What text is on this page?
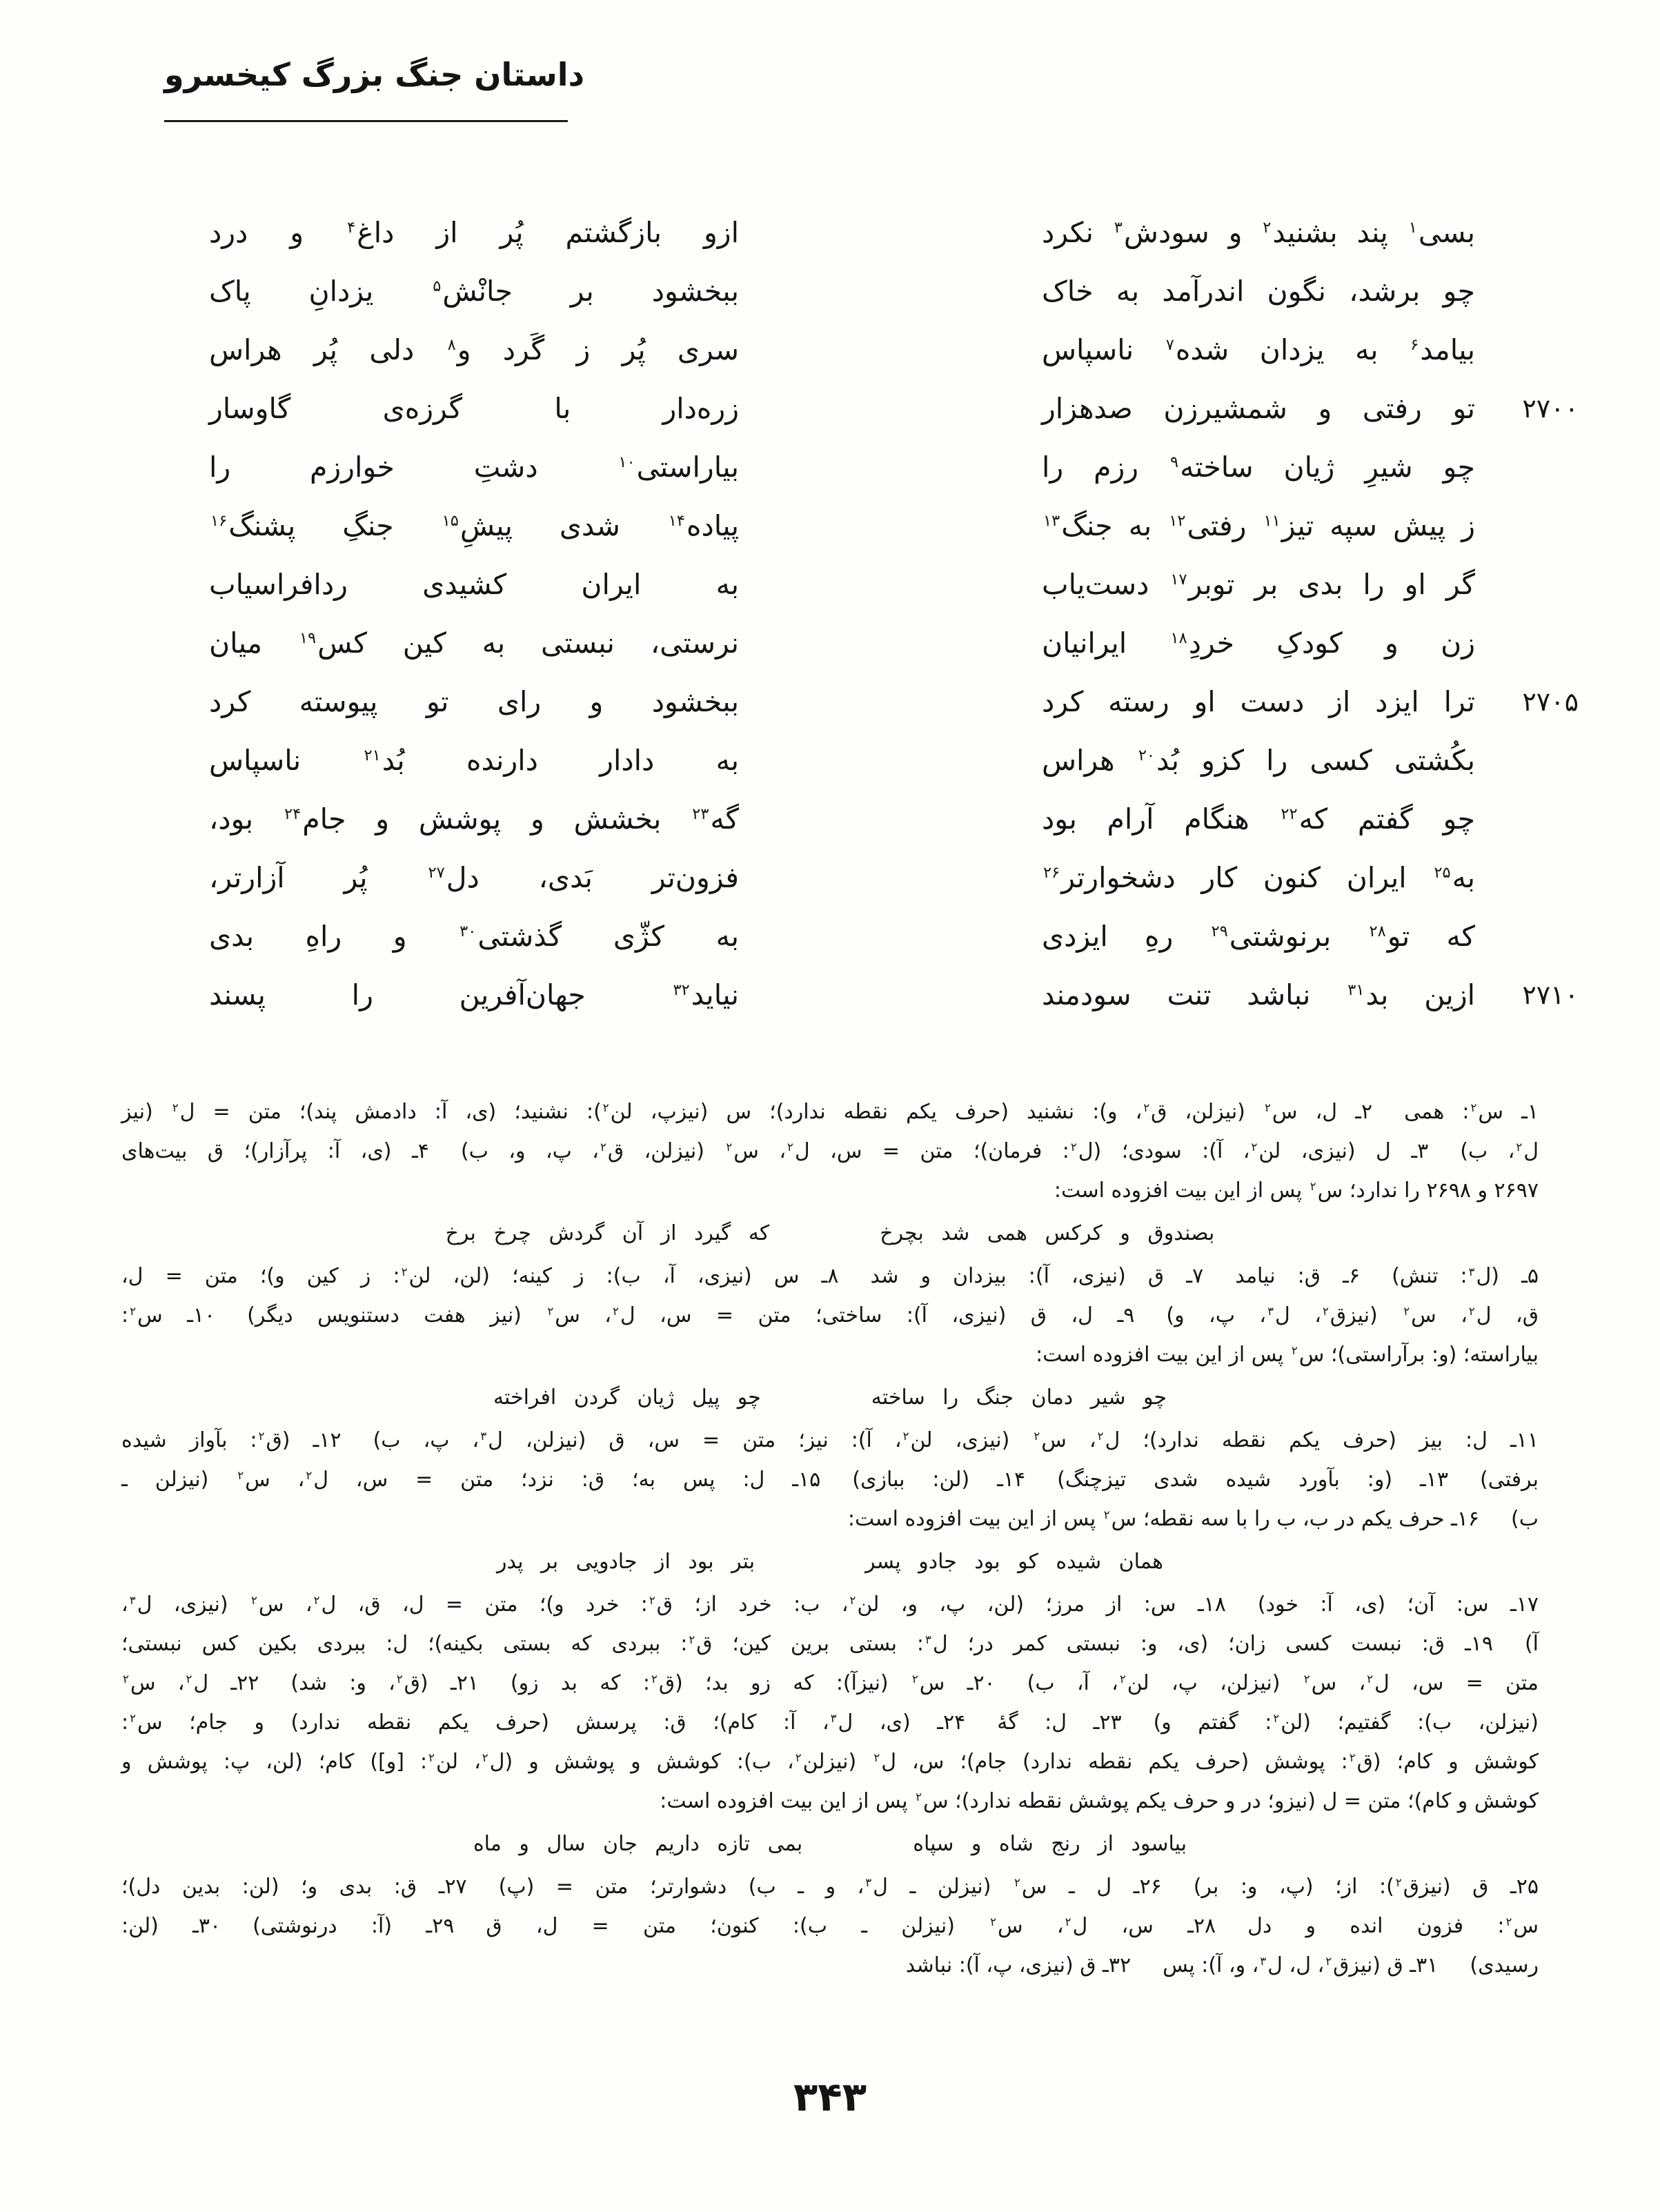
داستان جنگ بزرگ کیخسرو
بسی$^۱$ پند بشنید$^۲$ و سودش$^۳$ نکرد
ازو بازگشتم پُر از داغ$^۴$ و درد
چو برشد، نگون اندرآمد به خاک
ببخشود بر جانْش$^۵$ یزدانِ پاک
بیامد$^۶$ به یزدان شده$^۷$ ناسپاس
سری پُر ز گَرد و$^۸$ دلی پُر هراس
۲۷۰۰
تو رفتی و شمشیرزن صدهزار
زره‌دار با گرزه‌ی گاوسار
چو شیرِ ژیان ساخته$^۹$ رزم را
بیاراستی$^{۱۰}$ دشتِ خوارزم را
ز پیش سپه تیز$^{۱۱}$ رفتی$^{۱۲}$ به جنگ$^{۱۳}$
پیاده$^{۱۴}$ شدی پیشِ$^{۱۵}$ جنگِ پشنگ$^{۱۶}$
گر او را بدی بر توبر$^{۱۷}$ دست‌یاب
به ایران کشیدی ردافراسیاب
زن و کودکِ خردِ$^{۱۸}$ ایرانیان
نرستی، نبستی به کین کس$^{۱۹}$ میان
۲۷۰۵
ترا ایزد از دست او رسته کرد
ببخشود و رای تو پیوسته کرد
بکُشتی کسی را کزو بُد$^{۲۰}$ هراس
به دادار دارنده بُد$^{۲۱}$ ناسپاس
چو گفتم که$^{۲۲}$ هنگام آرام بود
گه$^{۲۳}$ بخشش و پوشش و جام$^{۲۴}$ بود،
به$^{۲۵}$ ایران کنون کار دشخوارتر$^{۲۶}$
فزون‌تر بَدی، دل$^{۲۷}$ پُر آزارتر،
که تو$^{۲۸}$ برنوشتی$^{۲۹}$ رهِ ایزدی
به کژّی گذشتی$^{۳۰}$ و راهِ بدی
۲۷۱۰
ازین بد$^{۳۱}$ نباشد تنت سودمند
نیاید$^{۳۲}$ جهان‌آفرین را پسند
۱ـ س$^۲$: همی۲ـ ل، س$^۲$ (نیزلن، ق$^۲$، و): نشنید (حرف یکم نقطه ندارد)؛ س (نیزپ، لن$^۲$): نشنید؛ (ی، آ: دادمش پند)؛ متن = ل$^۲$ (نیز
ل$^۲$، ب)۳ـ ل (نیزی، لن$^۲$، آ): سودی؛ (ل$^۲$: فرمان)؛ متن = س، ل$^۲$، س$^۲$ (نیزلن، ق$^۲$، پ، و، ب)۴ـ (ی، آ: پرآزار)؛ ق بیت‌های
۲۶۹۷ و ۲۶۹۸ را ندارد؛ س$^۲$ پس از این بیت افزوده است:
بصندوق و کرکس همی شد بچرخ
که گیرد از آن گردش چرخ برخ
۵ـ (ل$^۳$: تنش)۶ـ ق: نیامد۷ـ ق (نیزی، آ): بیزدان و شد۸ـ س (نیزی، آ، ب): ز کینه؛ (لن، لن$^۲$: ز کین و)؛ متن = ل،
ق، ل$^۲$، س$^۲$ (نیزق$^۲$، ل$^۳$، پ، و)۹ـ ل، ق (نیزی، آ): ساختی؛ متن = س، ل$^۲$، س$^۲$ (نیز هفت دستنویس دیگر)۱۰ـ س$^۲$:
بیاراسته؛ (و: برآراستی)؛ س$^۲$ پس از این بیت افزوده است:
چو شیر دمان جنگ را ساخته
چو پیل ژیان گردن افراخته
۱۱ـ ل: بیز (حرف یکم نقطه ندارد)؛ ل$^۲$، س$^۲$ (نیزی، لن$^۲$، آ): نیز؛ متن = س، ق (نیزلن، ل$^۳$، پ، ب)۱۲ـ (ق$^۲$: بآواز شیده
برفتی)۱۳ـ (و: بآورد شیده شدی تیزچنگ)۱۴ـ (لن: ببازی)۱۵ـ ل: پس به؛ ق: نزد؛ متن = س، ل$^۲$، س$^۲$ (نیزلن ـ
ب)۱۶ـ حرف یکم در ب، ب را با سه نقطه؛ س$^۲$ پس از این بیت افزوده است:
همان شیده کو بود جادو پسر
بتر بود از جادویی بر پدر
۱۷ـ س: آن؛ (ی، آ: خود)۱۸ـ س: از مرز؛ (لن، پ، و، لن$^۲$، ب: خرد از؛ ق$^۲$: خرد و)؛ متن = ل، ق، ل$^۲$، س$^۲$ (نیزی، ل$^۳$،
آ)۱۹ـ ق: نبست کسی زان؛ (ی، و: نبستی کمر در؛ ل$^۳$: بستی برین کین؛ ق$^۲$: ببردی که بستی بکینه)؛ ل: ببردی بکین کس نبستی؛
متن = س، ل$^۲$، س$^۲$ (نیزلن، پ، لن$^۲$، آ، ب)۲۰ـ س$^۲$ (نیزآ): که زو بد؛ (ق$^۲$: که بد زو)۲۱ـ (ق$^۲$، و: شد)۲۲ـ ل$^۲$، س$^۲$
(نیزلن، ب): گفتیم؛ (لن$^۲$: گفتم و)۲۳ـ ل: گهٔ۲۴ـ (ی، ل$^۳$، آ: کام)؛ ق: پرسش (حرف یکم نقطه ندارد) و جام؛ س$^۲$:
کوشش و کام؛ (ق$^۲$: پوشش (حرف یکم نقطه ندارد) جام)؛ س، ل$^۲$ (نیزلن$^۲$، ب): کوشش و پوشش و (ل$^۲$، لن$^۲$: [و]) کام؛ (لن، پ: پوشش و
کوشش و کام)؛ متن = ل (نیزو؛ در و حرف یکم پوشش نقطه ندارد)؛ س$^۲$ پس از این بیت افزوده است:
بیاسود از رنج شاه و سپاه
بمی تازه داریم جان سال و ماه
۲۵ـ ق (نیزق$^۲$): از؛ (پ، و: بر)۲۶ـ ل ـ س$^۲$ (نیزلن ـ ل$^۳$، و ـ ب) دشوارتر؛ متن = (پ)۲۷ـ ق: بدی و؛ (لن: بدین دل)؛
س$^۲$: فزون انده و دل۲۸ـ س، ل$^۲$، س$^۲$ (نیزلن ـ ب): کنون؛ متن = ل، ق۲۹ـ (آ: درنوشتی)۳۰ـ (لن:
رسیدی)۳۱ـ ق (نیزق$^۲$، ل، ل$^۳$، و، آ): پس۳۲ـ ق (نیزی، پ، آ): نباشد
۳۴۳
